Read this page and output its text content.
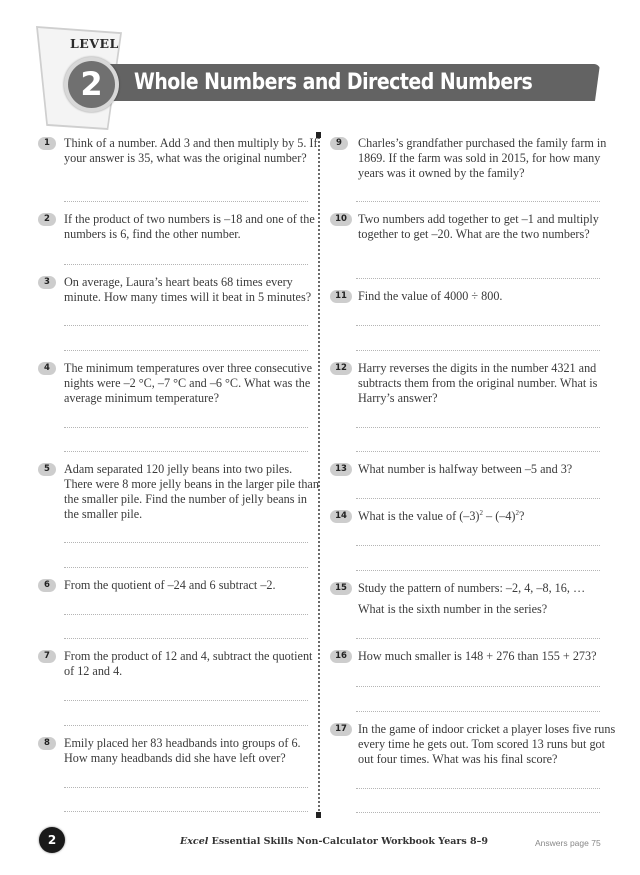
LEVEL
Whole Numbers and Directed Numbers
2
1	Think of a number. Add 3 and then multiply by 5. If your answer is 35, what was the original number?
2	If the product of two numbers is –18 and one of the numbers is 6, find the other number.
3	On average, Laura’s heart beats 68 times every minute. How many times will it beat in 5 minutes?
4	The minimum temperatures over three consecutive nights were –2 °C, –7 °C and –6 °C. What was the average minimum temperature?
5	Adam separated 120 jelly beans into two piles. There were 8 more jelly beans in the larger pile than the smaller pile. Find the number of jelly beans in the smaller pile.
6	From the quotient of –24 and 6 subtract –2.
7	From the product of 12 and 4, subtract the quotient of 12 and 4.
8	Emily placed her 83 headbands into groups of 6. How many headbands did she have left over?
9	Charles’s grandfather purchased the family farm in 1869. If the farm was sold in 2015, for how many years was it owned by the family?
10 Two numbers add together to get –1 and multiply together to get –20. What are the two numbers?
11 Find the value of 4000 ÷ 800.
12 Harry reverses the digits in the number 4321 and subtracts them from the original number. What is Harry’s answer?
13 What number is halfway between –5 and 3?
14 What is the value of $(-3)^2 - (-4)^2$?
15 Study the pattern of numbers: –2, 4, –8, 16, …
What is the sixth number in the series?
16 How much smaller is 148 + 276 than 155 + 273?
17 In the game of indoor cricket a player loses five runs every time he gets out. Tom scored 13 runs but got out four times. What was his final score?
2	Excel Essential Skills Non-Calculator Workbook Years 8–9	Answers page 75
